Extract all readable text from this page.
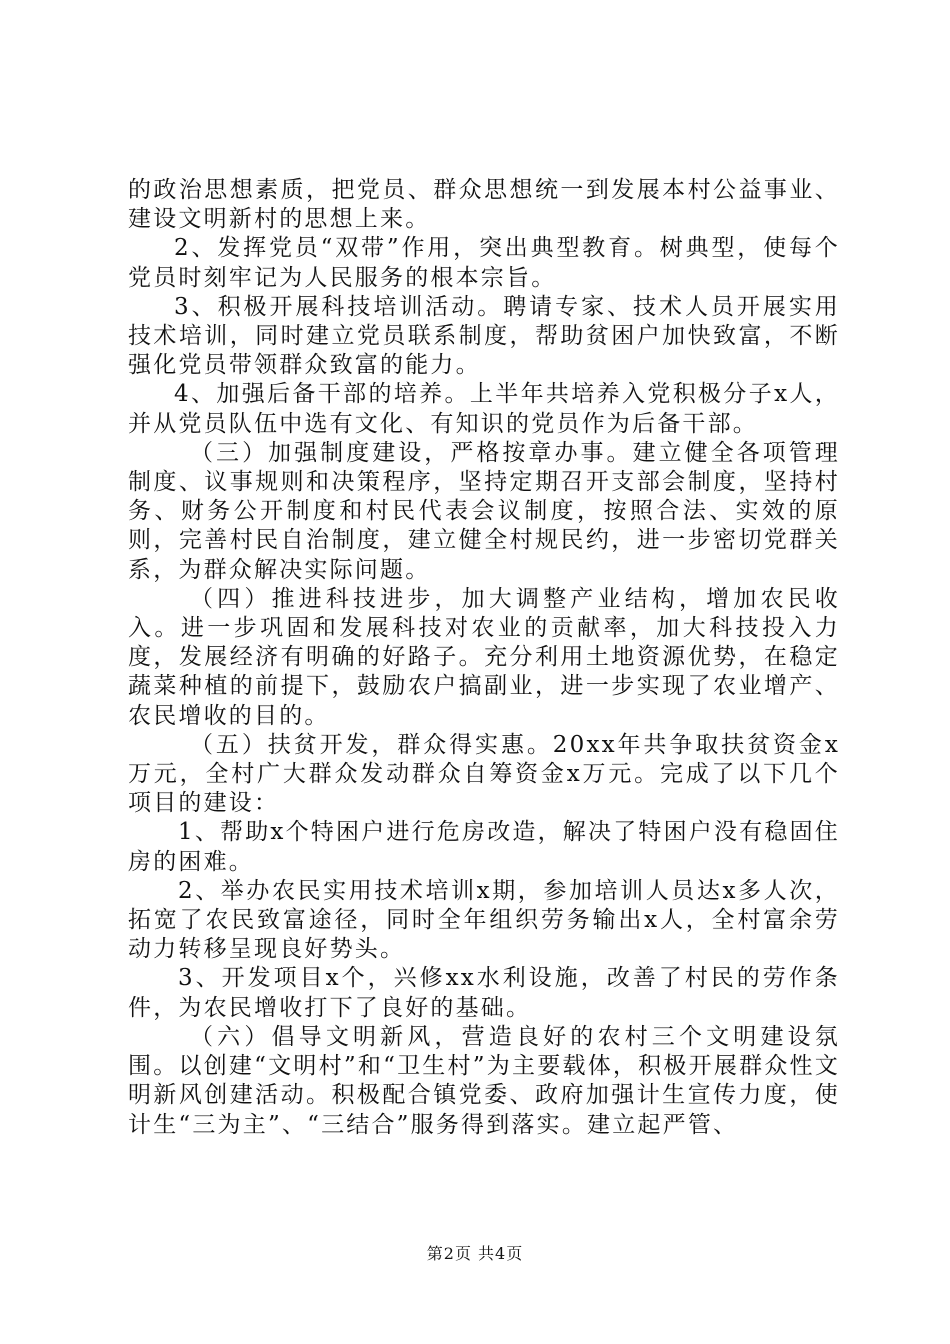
的政治思想素质，把党员、群众思想统一到发展本村公益事业、建设文明新村的思想上来。

2、发挥党员“双带”作用，突出典型教育。树典型，使每个党员时刻牢记为人民服务的根本宗旨。

3、积极开展科技培训活动。聘请专家、技术人员开展实用技术培训，同时建立党员联系制度，帮助贫困户加快致富，不断强化党员带领群众致富的能力。

4、加强后备干部的培养。上半年共培养入党积极分子x人，并从党员队伍中选有文化、有知识的党员作为后备干部。

（三）加强制度建设，严格按章办事。建立健全各项管理制度、议事规则和决策程序，坚持定期召开支部会制度，坚持村务、财务公开制度和村民代表会议制度，按照合法、实效的原则，完善村民自治制度，建立健全村规民约，进一步密切党群关系，为群众解决实际问题。

（四）推进科技进步，加大调整产业结构，增加农民收入。进一步巩固和发展科技对农业的贡献率，加大科技投入力度，发展经济有明确的好路子。充分利用土地资源优势，在稳定蔬菜种植的前提下，鼓励农户搞副业，进一步实现了农业增产、农民增收的目的。

（五）扶贫开发，群众得实惠。20xx年共争取扶贫资金x万元，全村广大群众发动群众自筹资金x万元。完成了以下几个项目的建设：

1、帮助x个特困户进行危房改造，解决了特困户没有稳固住房的困难。

2、举办农民实用技术培训x期，参加培训人员达x多人次，拓宽了农民致富途径，同时全年组织劳务输出x人，全村富余劳动力转移呈现良好势头。

3、开发项目x个，兴修xx水利设施，改善了村民的劳作条件，为农民增收打下了良好的基础。

（六）倡导文明新风，营造良好的农村三个文明建设氛围。以创建“文明村”和“卫生村”为主要载体，积极开展群众性文明新风创建活动。积极配合镇党委、政府加强计生宣传力度，使计生“三为主”、“三结合”服务得到落实。建立起严管、

第2页 共4页
